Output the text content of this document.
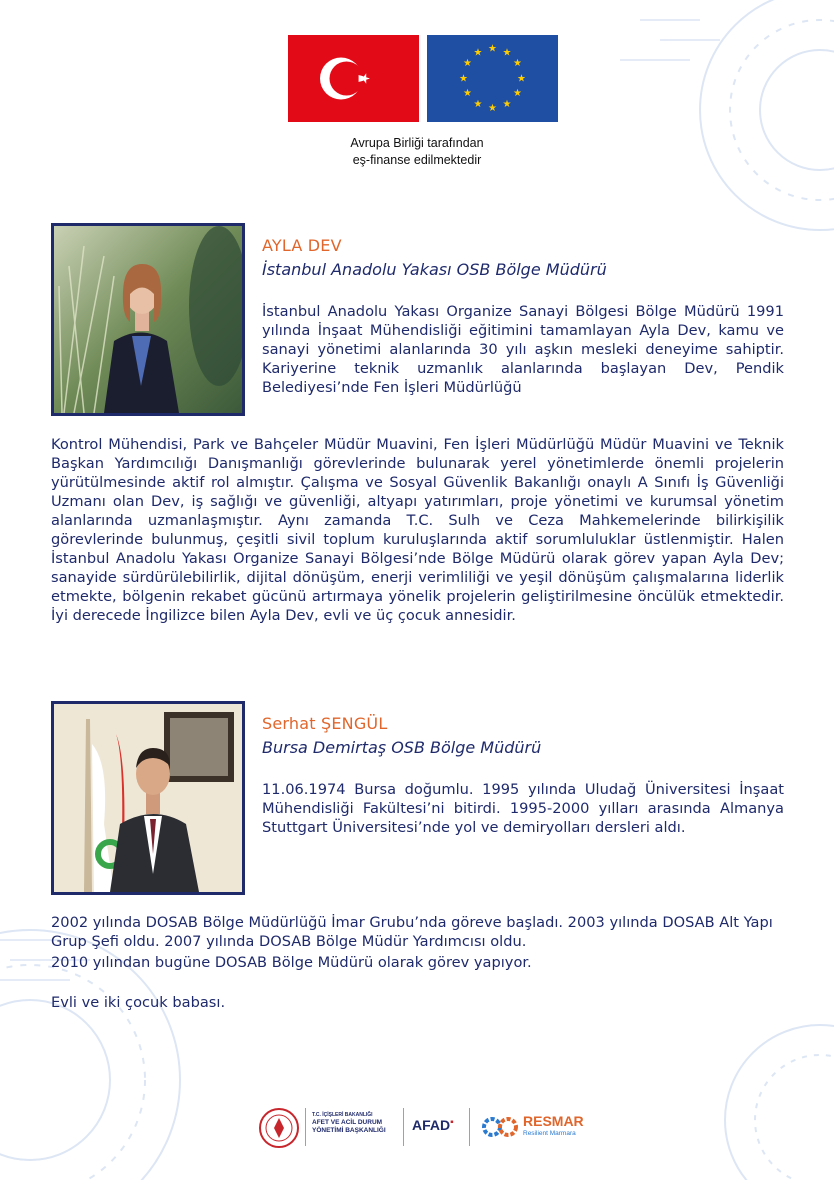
★ ★
★
★
★
★
★
★
★
★
★
★
Avrupa Birliği tarafından
eş-finanse edilmektedir
AYLA DEV
İstanbul Anadolu Yakası OSB Bölge Müdürü

İstanbul Anadolu Yakası Organize Sanayi Bölgesi Bölge Müdürü 1991 yılında İnşaat Mühendisliği eğitimini tamamlayan Ayla Dev, kamu ve sanayi yönetimi alanlarında 30 yılı aşkın mesleki deneyime sahiptir. Kariyerine teknik uzmanlık alanlarında başlayan Dev, Pendik Belediyesi’nde Fen İşleri Müdürlüğü

Kontrol Mühendisi, Park ve Bahçeler Müdür Muavini, Fen İşleri Müdürlüğü Müdür Muavini ve Teknik Başkan Yardımcılığı Danışmanlığı görevlerinde bulunarak yerel yönetimlerde önemli projelerin yürütülmesinde aktif rol almıştır. Çalışma ve Sosyal Güvenlik Bakanlığı onaylı A Sınıfı İş Güvenliği Uzmanı olan Dev, iş sağlığı ve güvenliği, altyapı yatırımları, proje yönetimi ve kurumsal yönetim alanlarında uzmanlaşmıştır. Aynı zamanda T.C. Sulh ve Ceza Mahkemelerinde bilirkişilik görevlerinde bulunmuş, çeşitli sivil toplum kuruluşlarında aktif sorumluluklar üstlenmiştir. Halen İstanbul Anadolu Yakası Organize Sanayi Bölgesi’nde Bölge Müdürü olarak görev yapan Ayla Dev; sanayide sürdürülebilirlik, dijital dönüşüm, enerji verimliliği ve yeşil dönüşüm çalışmalarına liderlik etmekte, bölgenin rekabet gücünü artırmaya yönelik projelerin geliştirilmesine öncülük etmektedir. İyi derecede İngilizce bilen Ayla Dev, evli ve üç çocuk annesidir.

Serhat ŞENGÜL
Bursa Demirtaş OSB Bölge Müdürü

11.06.1974 Bursa doğumlu. 1995 yılında Uludağ Üniversitesi İnşaat Mühendisliği Fakültesi’ni bitirdi. 1995-2000 yılları arasında Almanya Stuttgart Üniversitesi’nde yol ve demiryolları dersleri aldı.

2002 yılında DOSAB Bölge Müdürlüğü İmar Grubu’nda göreve başladı. 2003 yılında DOSAB Alt Yapı Grup Şefi oldu. 2007 yılında DOSAB Bölge Müdür Yardımcısı oldu.

2010 yılından bugüne DOSAB Bölge Müdürü olarak görev yapıyor.

Evli ve iki çocuk babası.

T.C. İÇİŞLERİ BAKANLIĞI
AFET VE ACİL DURUM
YÖNETİMİ BAŞKANLIĞI AFAD▪	RESMAR
Resilient Marmara
